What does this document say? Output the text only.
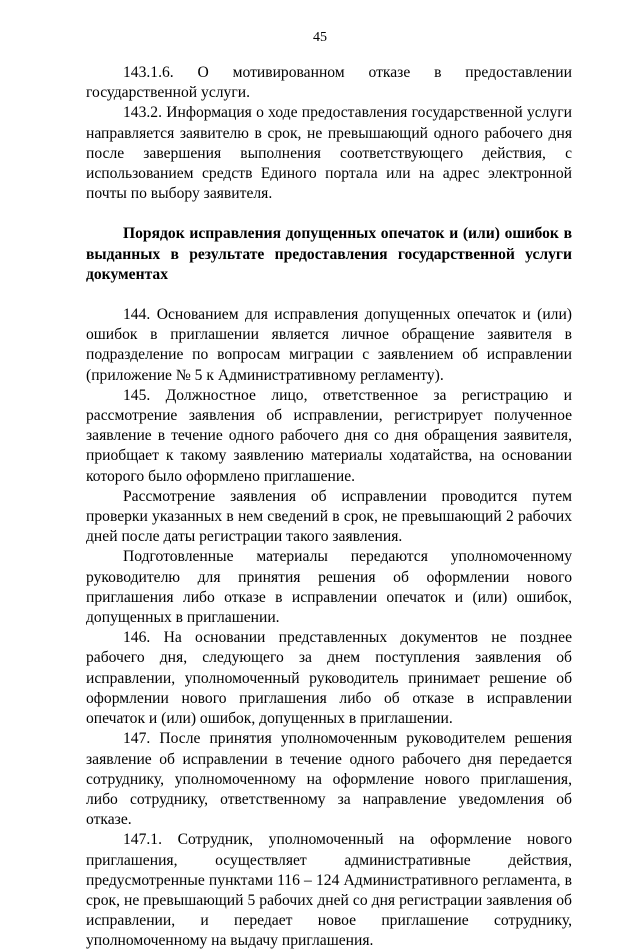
45

143.1.6. О мотивированном отказе в предоставлении государственной услуги.

143.2. Информация о ходе предоставления государственной услуги направляется заявителю в срок, не превышающий одного рабочего дня после завершения выполнения соответствующего действия, с использованием средств Единого портала или на адрес электронной почты по выбору заявителя.

Порядок исправления допущенных опечаток и (или) ошибок в выданных в результате предоставления государственной услуги документах

144. Основанием для исправления допущенных опечаток и (или) ошибок в приглашении является личное обращение заявителя в подразделение по вопросам миграции с заявлением об исправлении (приложение № 5 к Административному регламенту).

145. Должностное лицо, ответственное за регистрацию и рассмотрение заявления об исправлении, регистрирует полученное заявление в течение одного рабочего дня со дня обращения заявителя, приобщает к такому заявлению материалы ходатайства, на основании которого было оформлено приглашение.

Рассмотрение заявления об исправлении проводится путем проверки указанных в нем сведений в срок, не превышающий 2 рабочих дней после даты регистрации такого заявления.

Подготовленные материалы передаются уполномоченному руководителю для принятия решения об оформлении нового приглашения либо отказе в исправлении опечаток и (или) ошибок, допущенных в приглашении.

146. На основании представленных документов не позднее рабочего дня, следующего за днем поступления заявления об исправлении, уполномоченный руководитель принимает решение об оформлении нового приглашения либо об отказе в исправлении опечаток и (или) ошибок, допущенных в приглашении.

147. После принятия уполномоченным руководителем решения заявление об исправлении в течение одного рабочего дня передается сотруднику, уполномоченному на оформление нового приглашения, либо сотруднику, ответственному за направление уведомления об отказе.

147.1. Сотрудник, уполномоченный на оформление нового приглашения, осуществляет административные действия, предусмотренные пунктами 116 – 124 Административного регламента, в срок, не превышающий 5 рабочих дней со дня регистрации заявления об исправлении, и передает новое приглашение сотруднику, уполномоченному на выдачу приглашения.
